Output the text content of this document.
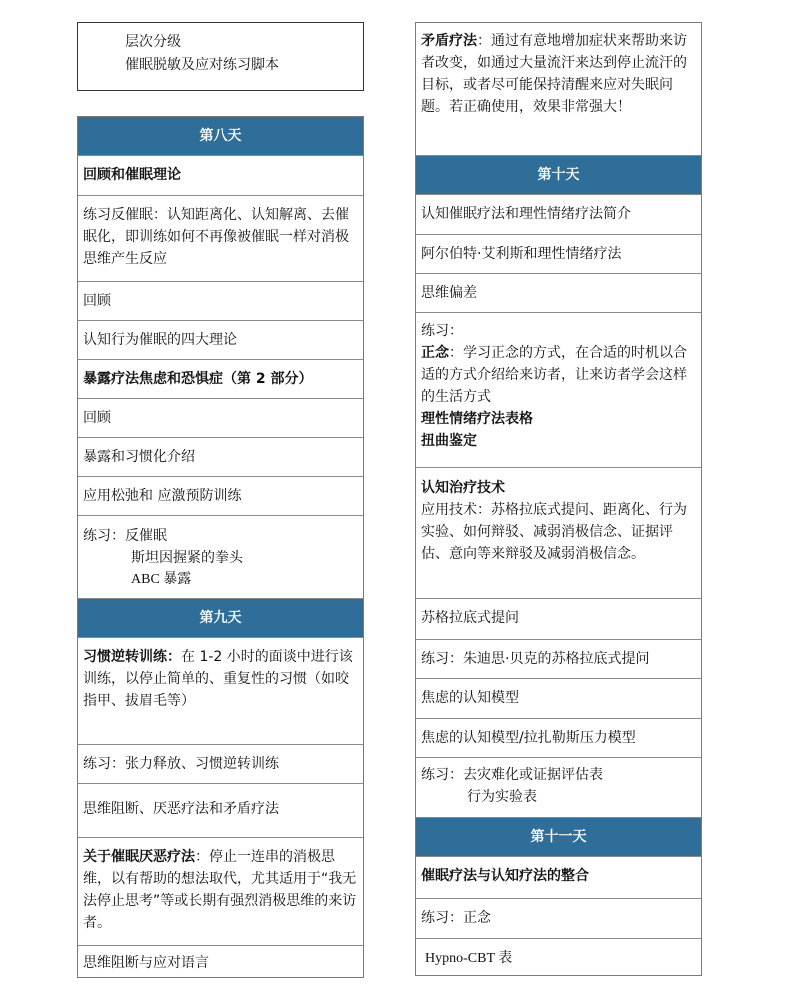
层次分级
催眠脱敏及应对练习脚本
第八天
回顾和催眠理论
练习反催眠：认知距离化、认知解离、去催眠化，即训练如何不再像被催眠一样对消极思维产生反应
回顾
认知行为催眠的四大理论
暴露疗法焦虑和恐惧症（第 2 部分）
回顾
暴露和习惯化介绍
应用松弛和 应激预防训练
练习：反催眠
斯坦因握紧的拳头
ABC 暴露
第九天
习惯逆转训练：在 1-2 小时的面谈中进行该训练，以停止简单的、重复性的习惯（如咬指甲、拔眉毛等）
练习：张力释放、习惯逆转训练
思维阻断、厌恶疗法和矛盾疗法
关于催眠厌恶疗法：停止一连串的消极思维，以有帮助的想法取代，尤其适用于“我无法停止思考”等或长期有强烈消极思维的来访者。
思维阻断与应对语言
矛盾疗法：通过有意地增加症状来帮助来访者改变，如通过大量流汗来达到停止流汗的目标，或者尽可能保持清醒来应对失眠问题。若正确使用，效果非常强大！
第十天
认知催眠疗法和理性情绪疗法简介
阿尔伯特·艾利斯和理性情绪疗法
思维偏差
练习：
正念：学习正念的方式，在合适的时机以合适的方式介绍给来访者，让来访者学会这样的生活方式
理性情绪疗法表格
扭曲鉴定
认知治疗技术
应用技术：苏格拉底式提问、距离化、行为实验、如何辩驳、减弱消极信念、证据评估、意向等来辩驳及减弱消极信念。
苏格拉底式提问
练习：朱迪思·贝克的苏格拉底式提问
焦虑的认知模型
焦虑的认知模型/拉扎勒斯压力模型
练习：去灾难化或证据评估表
行为实验表
第十一天
催眠疗法与认知疗法的整合
练习：正念
Hypno-CBT 表
